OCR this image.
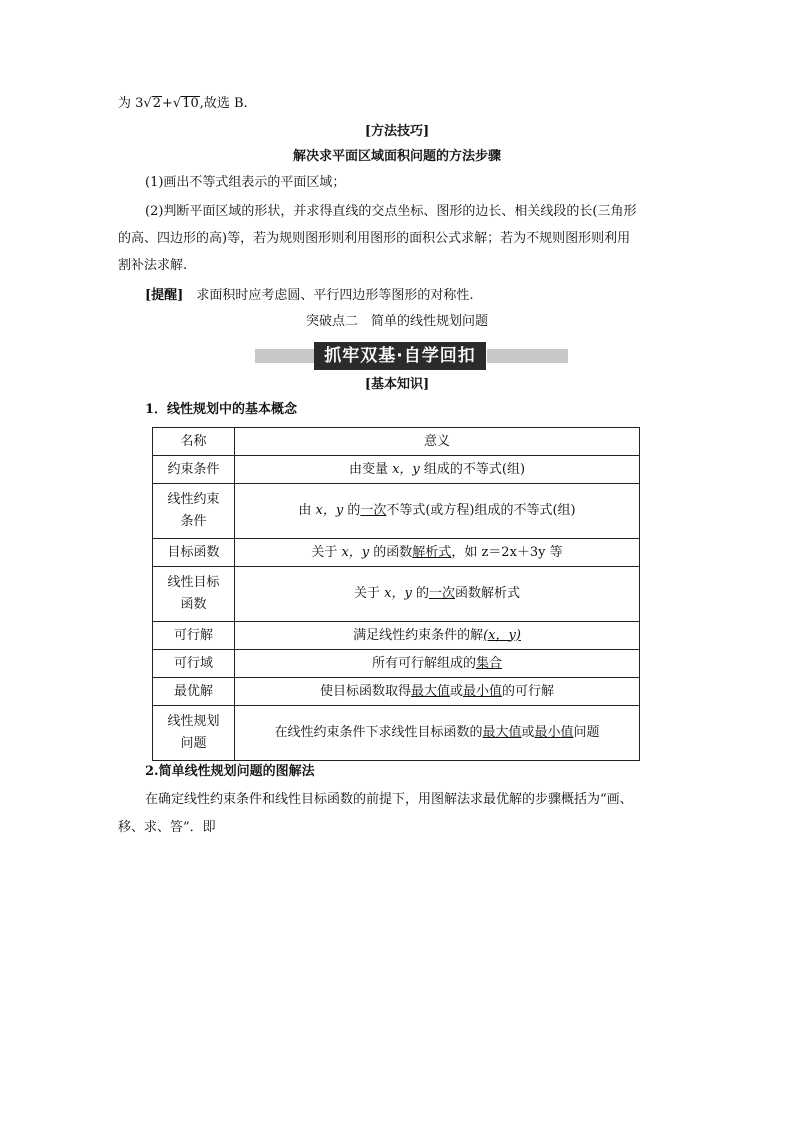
为 3√2+√10,故选 B.
[方法技巧]
解决求平面区域面积问题的方法步骤
(1)画出不等式组表示的平面区域；
(2)判断平面区域的形状，并求得直线的交点坐标、图形的边长、相关线段的长(三角形
的高、四边形的高)等，若为规则图形则利用图形的面积公式求解；若为不规则图形则利用
割补法求解.
[提醒]　 求面积时应考虑圆、平行四边形等图形的对称性.
突破点二　简单的线性规划问题
抓牢双基·自学回扣
[基本知识]
1．线性规划中的基本概念
名称	意义
约束条件	由变量 x，y 组成的不等式(组)

线性约束
条件	由 x，y 的一次不等式(或方程)组成的不等式(组)
目标函数	关于 x，y 的函数解析式，如 z＝2x＋3y 等

线性目标
函数	关于 x，y 的一次函数解析式
可行解	满足线性约束条件的解(x，y)
可行域	所有可行解组成的集合
最优解	使目标函数取得最大值或最小值的可行解

线性规划
问题	在线性约束条件下求线性目标函数的最大值或最小值问题
2.简单线性规划问题的图解法
在确定线性约束条件和线性目标函数的前提下，用图解法求最优解的步骤概括为“画、
移、求、答”．即
